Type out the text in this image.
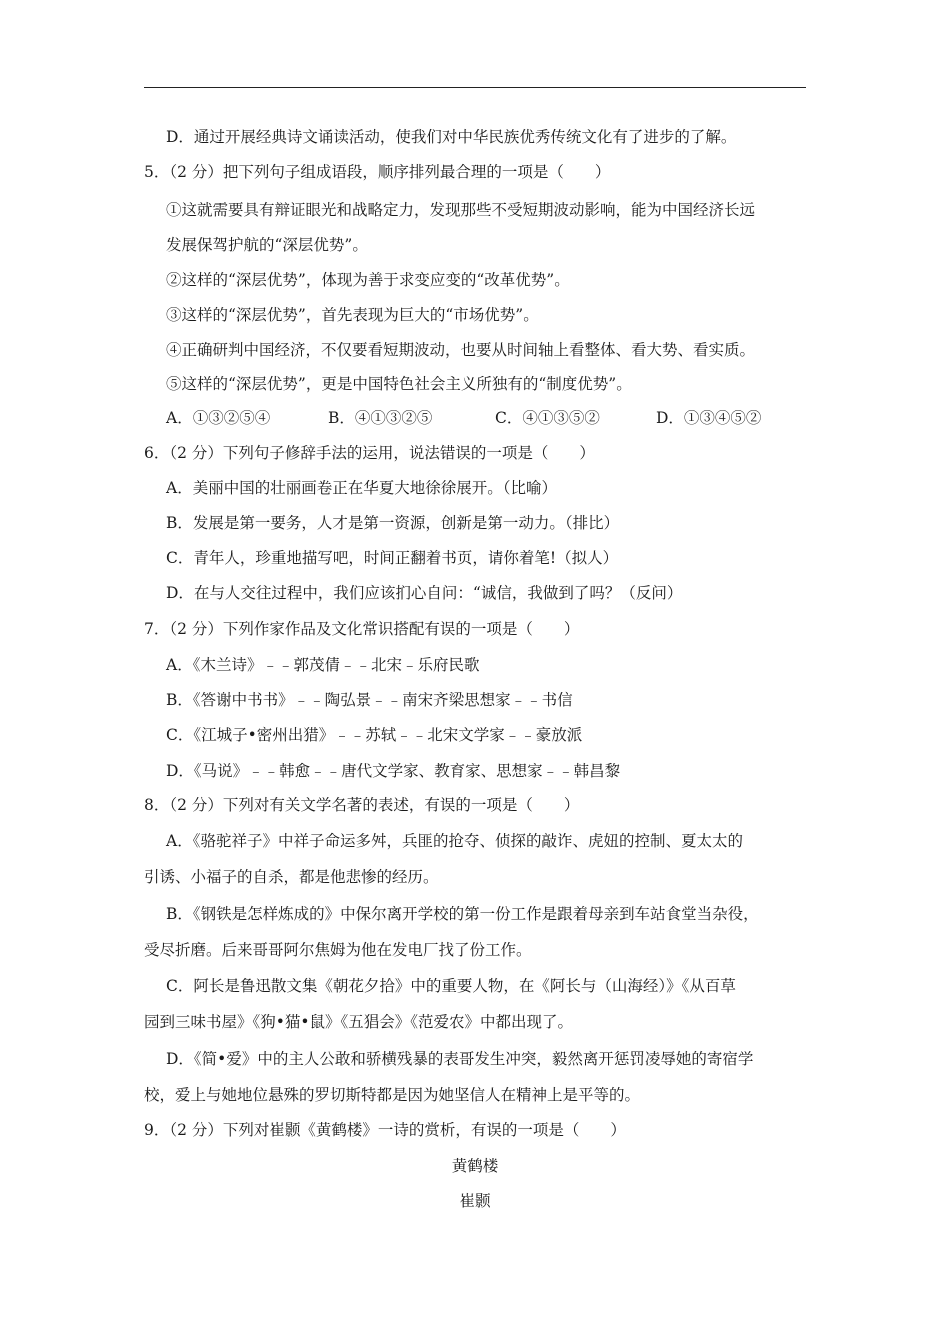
D．通过开展经典诗文诵读活动，使我们对中华民族优秀传统文化有了进步的了解。
5．（2 分）把下列句子组成语段，顺序排列最合理的一项是（　　）
①这就需要具有辩证眼光和战略定力，发现那些不受短期波动影响，能为中国经济长远
发展保驾护航的“深层优势”。
②这样的“深层优势”，体现为善于求变应变的“改革优势”。
③这样的“深层优势”，首先表现为巨大的“市场优势”。
④正确研判中国经济，不仅要看短期波动，也要从时间轴上看整体、看大势、看实质。
⑤这样的“深层优势”，更是中国特色社会主义所独有的“制度优势”。
A．①③②⑤④	B．④①③②⑤	C．④①③⑤②	D．①③④⑤②
6．（2 分）下列句子修辞手法的运用，说法错误的一项是（　　）
A．美丽中国的壮丽画卷正在华夏大地徐徐展开。（比喻）
B．发展是第一要务，人才是第一资源，创新是第一动力。（排比）
C．青年人，珍重地描写吧，时间正翻着书页，请你着笔!（拟人）
D．在与人交往过程中，我们应该扪心自问：“诚信，我做到了吗？（反问）
7．（2 分）下列作家作品及文化常识搭配有误的一项是（　　）
A．《木兰诗》﹣﹣郭茂倩﹣﹣北宋﹣乐府民歌
B．《答谢中书书》﹣﹣陶弘景﹣﹣南宋齐梁思想家﹣﹣书信
C．《江城子•密州出猎》﹣﹣苏轼﹣﹣北宋文学家﹣﹣豪放派
D．《马说》﹣﹣韩愈﹣﹣唐代文学家、教育家、思想家﹣﹣韩昌黎
8．（2 分）下列对有关文学名著的表述，有误的一项是（　　）
A．《骆驼祥子》中祥子命运多舛，兵匪的抢夺、侦探的敲诈、虎妞的控制、夏太太的
引诱、小福子的自杀，都是他悲惨的经历。
B．《钢铁是怎样炼成的》中保尔离开学校的第一份工作是跟着母亲到车站食堂当杂役，
受尽折磨。后来哥哥阿尔焦姆为他在发电厂找了份工作。
C．阿长是鲁迅散文集《朝花夕拾》中的重要人物，在《阿长与（山海经）》《从百草
园到三味书屋》《狗•猫•鼠》《五猖会》《范爱农》中都出现了。
D．《简•爱》中的主人公敢和骄横残暴的表哥发生冲突，毅然离开惩罚凌辱她的寄宿学
校，爱上与她地位悬殊的罗切斯特都是因为她坚信人在精神上是平等的。
9．（2 分）下列对崔颢《黄鹤楼》一诗的赏析，有误的一项是（　　）
黄鹤楼
崔颢
